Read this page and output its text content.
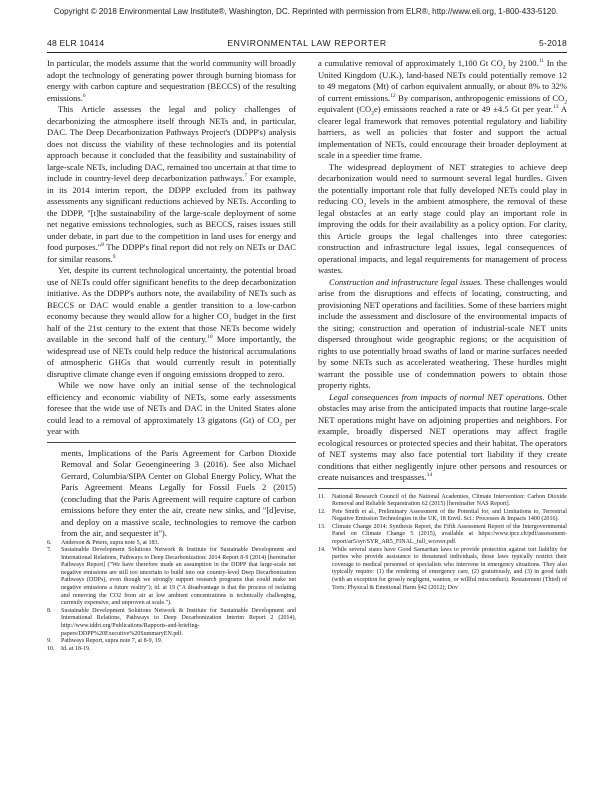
Copyright © 2018 Environmental Law Institute®, Washington, DC. Reprinted with permission from ELR®, http://www.eli.org, 1-800-433-5120.
48 ELR 10414	ENVIRONMENTAL LAW REPORTER	5-2018

In particular, the models assume that the world community will broadly adopt the technology of generating power through burning biomass for energy with carbon capture and sequestration (BECCS) of the resulting emissions.$^6$

This Article assesses the legal and policy challenges of decarbonizing the atmosphere itself through NETs and, in particular, DAC. The Deep Decarbonization Pathways Project's (DDPP's) analysis does not discuss the viability of these technologies and its potential approach because it concluded that the feasibility and sustainability of large-scale NETs, including DAC, remained too uncertain at that time to include in country-level deep decarbonization pathways.$^7$ For example, in its 2014 interim report, the DDPP excluded from its pathway assessments any significant reductions achieved by NETs. According to the DDPP, "[t]he sustainability of the large-scale deployment of some net negative emissions technologies, such as BECCS, raises issues still under debate, in part due to the competition in land uses for energy and food purposes."$^8$ The DDPP's final report did not rely on NETs or DAC for similar reasons.$^9$

Yet, despite its current technological uncertainty, the potential broad use of NETs could offer significant benefits to the deep decarbonization initiative. As the DDPP's authors note, the availability of NETs such as BECCS or DAC would enable a gentler transition to a low-carbon economy because they would allow for a higher $CO_2$ budget in the first half of the 21st century to the extent that those NETs become widely available in the second half of the century.$^{10}$ More importantly, the widespread use of NETs could help reduce the historical accumulations of atmospheric GHGs that would currently result in potentially disruptive climate change even if ongoing emissions dropped to zero.

While we now have only an initial sense of the technological efficiency and economic viability of NETs, some early assessments foresee that the wide use of NETs and DAC in the United States alone could lead to a removal of approximately 13 gigatons (Gt) of $CO_2$ per year with

ments, Implications of the Paris Agreement for Carbon Dioxide Removal and Solar Geoengineering 3 (2016). See also Michael Gerrard, Columbia/SIPA Center on Global Energy Policy, What the Paris Agreement Means Legally for Fossil Fuels 2 (2015) (concluding that the Paris Agreement will require capture of carbon emissions before they enter the air, create new sinks, and "[d]evise, and deploy on a massive scale, technologies to remove the carbon from the air, and sequester it").

6.	Anderson & Peters, supra note 5, at 183.
7.	Sustainable Development Solutions Network & Institute for Sustainable Development and International Relations, Pathways to Deep Decarbonization: 2014 Report 8-9 (2014) [hereinafter Pathways Report] ("We have therefore made an assumption in the DDPP that large-scale net negative emissions are still too uncertain to build into our country-level Deep Decarbonization Pathways (DDPs), even though we strongly support research programs that could make net negative emissions a future reality"); id. at 19 ("A disadvantage is that the process of isolating and removing the CO2 from air at low ambient concentrations is technically challenging, currently expensive, and unproven at scale.").
8.	Sustainable Development Solutions Network & Institute for Sustainable Development and International Relations, Pathways to Deep Decarbonization Interim Report 2 (2014), http://www.iddri.org/Publications/Rapports-and-briefing-papers/DDPP%20Executive%20SummaryEN.pdf.
9.	Pathways Report, supra note 7, at 8-9, 19.
10.	Id. at 18-19.

a cumulative removal of approximately 1,100 Gt $CO_2$ by 2100.11 In the United Kingdom (U.K.), land-based NETs could potentially remove 12 to 49 megatons (Mt) of carbon equivalent annually, or about 8% to 32% of current emissions.$^{12}$ By comparison, anthropogenic emissions of $CO_2$ equivalent $(CO_2e)$ emissions reached a rate or 49 ±4.5 Gt per year.$^{13}$ A clearer legal framework that removes potential regulatory and liability barriers, as well as policies that foster and support the actual implementation of NETs, could encourage their broader deployment at scale in a speedier time frame.

The widespread deployment of NET strategies to achieve deep decarbonization would need to surmount several legal hurdles. Given the potentially important role that fully developed NETs could play in reducing $CO_2$ levels in the ambient atmosphere, the removal of these legal obstacles at an early stage could play an important role in improving the odds for their availability as a policy option. For clarity, this Article groups the legal challenges into three categories: construction and infrastructure legal issues, legal consequences of operational impacts, and legal requirements for management of process wastes.

Construction and infrastructure legal issues. These challenges would arise from the disruptions and effects of locating, constructing, and provisioning NET operations and facilities. Some of these barriers might include the assessment and disclosure of the environmental impacts of the siting; construction and operation of industrial-scale NET units dispersed throughout wide geographic regions; or the acquisition of rights to use potentially broad swaths of land or marine surfaces needed by some NETs such as accelerated weathering. These hurdles might warrant the possible use of condemnation powers to obtain those property rights.

Legal consequences from impacts of normal NET operations. Other obstacles may arise from the anticipated impacts that routine large-scale NET operations might have on adjoining properties and neighbors. For example, broadly dispersed NET operations may affect fragile ecological resources or protected species and their habitat. The operators of NET systems may also face potential tort liability if they create conditions that either negligently injure other persons and resources or create nuisances and trespasses.$^{14}$

11.	National Research Council of the National Academies, Climate Intervention: Carbon Dioxide Removal and Reliable Sequestration 62 (2015) [hereinafter NAS Report].
12.	Pete Smith et al., Preliminary Assessment of the Potential for, and Limitations to, Terrestrial Negative Emission Technologies in the UK, 18 Envtl. Sci.: Processes & Impacts 1400 (2016).
13.	Climate Change 2014: Synthesis Report, the Fifth Assessment Report of the Intergovernmental Panel on Climate Change 5 (2015), available at https://www.ipcc.ch/pdf/assessment-report/ar5/syr/SYR_AR5_FINAL_full_wcover.pdf.
14.	While several states have Good Samaritan laws to provide protection against tort liability for parties who provide assistance to threatened individuals, those laws typically restrict their coverage to medical personnel or specialists who intervene in emergency situations. They also typically require: (1) the rendering of emergency care, (2) gratuitously, and (3) in good faith (with an exception for grossly negligent, wanton, or willful misconduct). Restatement (Third) of Torts: Physical & Emotional Harm §42 (2012); Dov
